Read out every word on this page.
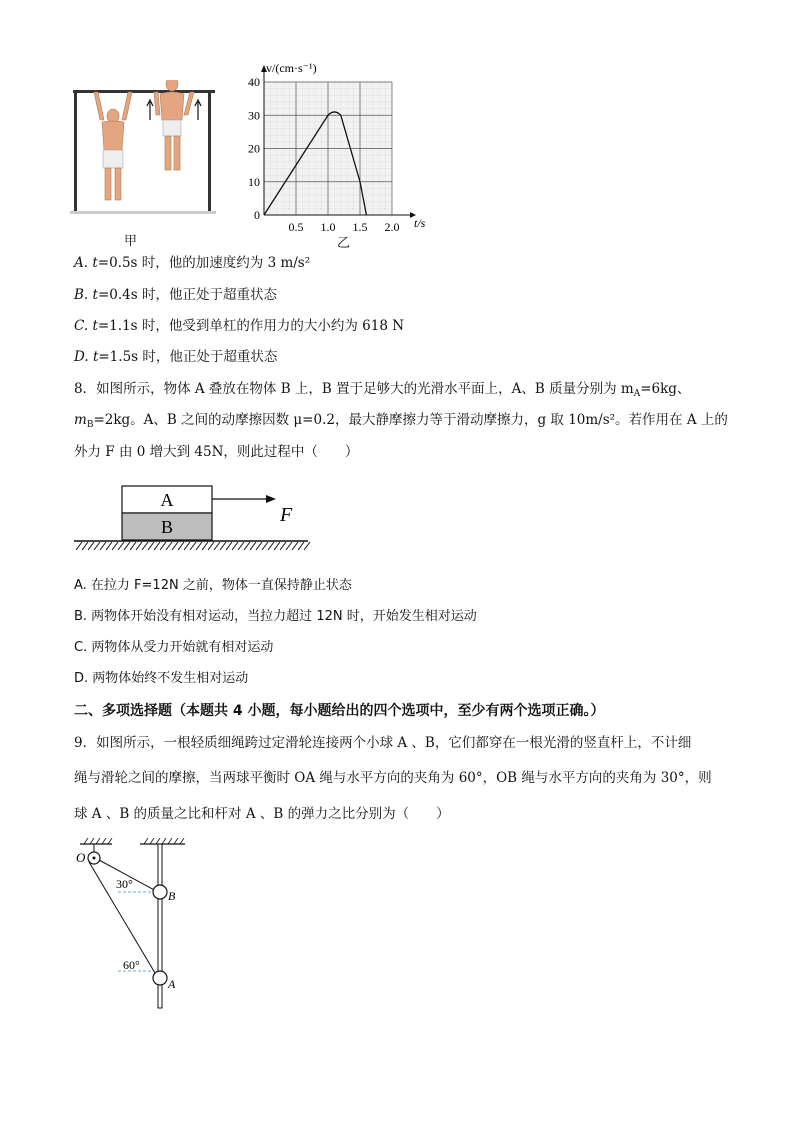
甲
0
10
20
30
40
0.5 1.0 1.5 2.0
v/(cm·s⁻¹)
t/s
乙
A. t=0.5s 时，他的加速度约为 3 m/s²
B. t=0.4s 时，他正处于超重状态
C. t=1.1s 时，他受到单杠的作用力的大小约为 618 N
D. t=1.5s 时，他正处于超重状态
8．如图所示，物体 A 叠放在物体 B 上，B 置于足够大的光滑水平面上，A、B 质量分别为 $m_A=6kg$、
$m_B=2kg$。A、B 之间的动摩擦因数 μ=0.2，最大静摩擦力等于滑动摩擦力，g 取 10m/s²。若作用在 A 上的
外力 F 由 0 增大到 45N，则此过程中（　　）
A
B
F
A. 在拉力 F=12N 之前，物体一直保持静止状态
B. 两物体开始没有相对运动，当拉力超过 12N 时，开始发生相对运动
C. 两物体从受力开始就有相对运动
D. 两物体始终不发生相对运动
二、多项选择题（本题共 4 小题，每小题给出的四个选项中，至少有两个选项正确。）
9．如图所示，一根轻质细绳跨过定滑轮连接两个小球 A 、B，它们都穿在一根光滑的竖直杆上，不计细
绳与滑轮之间的摩擦，当两球平衡时 OA 绳与水平方向的夹角为 60°，OB 绳与水平方向的夹角为 30°，则
球 A 、B 的质量之比和杆对 A 、B 的弹力之比分别为（　　）
O
B
A
30°
60°
